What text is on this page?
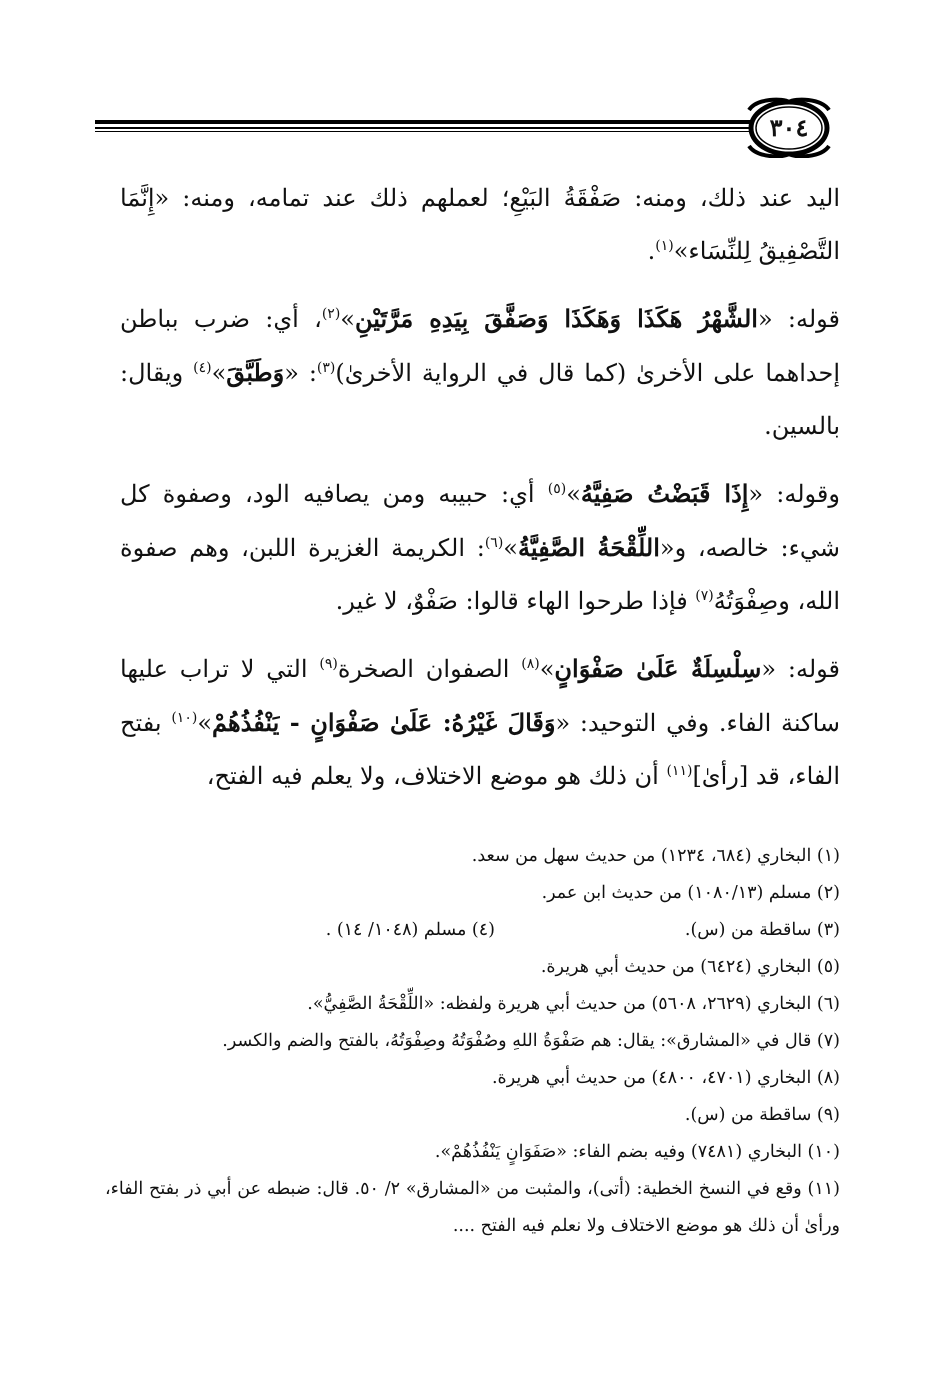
٣٠٤

اليد عند ذلك، ومنه: صَفْقَةُ البَيْعِ؛ لعملهم ذلك عند تمامه، ومنه: «إِنَّمَا التَّصْفِيقُ لِلنِّسَاء»$^{(١)}$.

قوله: «الشَّهْرُ هَكَذَا وَهَكَذَا وَصَفَّقَ بِيَدِهِ مَرَّتَيْنِ»$^{(٢)}$، أي: ضرب بباطن إحداهما على الأخرىٰ (كما قال في الرواية الأخرىٰ)$^{(٣)}$: «وَطَبَّقَ»$^{(٤)}$ ويقال: بالسين.

وقوله: «إِذَا قَبَضْتُ صَفِيَّهُ»$^{(٥)}$ أي: حبيبه ومن يصافيه الود، وصفوة كل شيء: خالصه، و«اللِّقْحَةُ الصَّفِيَّةُ»$^{(٦)}$: الكريمة الغزيرة اللبن، وهم صفوة الله، وصِفْوَتُهُ$^{(٧)}$ فإذا طرحوا الهاء قالوا: صَفْوٌ، لا غير.

قوله: «سِلْسِلَةٌ عَلَىٰ صَفْوَانٍ»$^{(٨)}$ الصفوان الصخرة$^{(٩)}$ التي لا تراب عليها ساكنة الفاء. وفي التوحيد: «وَقَالَ غَيْرُهُ: عَلَىٰ صَفْوَانٍ - يَنْفُذُهُمْ»$^{(١٠)}$ بفتح الفاء، قد [رأىٰ]$^{(١١)}$ أن ذلك هو موضع الاختلاف، ولا يعلم فيه الفتح،

(١) البخاري (٦٨٤، ١٢٣٤) من حديث سهل من سعد.
(٢) مسلم (١٠٨٠/١٣) من حديث ابن عمر.
(٣) ساقطة من (س).
(٤) مسلم (١٠٤٨/ ١٤) .
(٥) البخاري (٦٤٢٤) من حديث أبي هريرة.
(٦) البخاري (٢٦٢٩، ٥٦٠٨) من حديث أبي هريرة ولفظه: «اللِّقْحَةُ الصَّفِيُّ».
(٧) قال في «المشارق»: يقال: هم صَفْوَةُ اللهِ وصُفْوَتُهُ وصِفْوَتُهُ، بالفتح والضم والكسر.
(٨) البخاري (٤٧٠١، ٤٨٠٠) من حديث أبي هريرة.
(٩) ساقطة من (س).
(١٠) البخاري (٧٤٨١) وفيه بضم الفاء: «صَفَوَانٍ يَنْفُذُهُمْ».
(١١) وقع في النسخ الخطية: (أتى)، والمثبت من «المشارق» ٢/ ٥٠. قال: ضبطه عن أبي ذر بفتح الفاء، ورأىٰ أن ذلك هو موضع الاختلاف ولا نعلم فيه الفتح ....
